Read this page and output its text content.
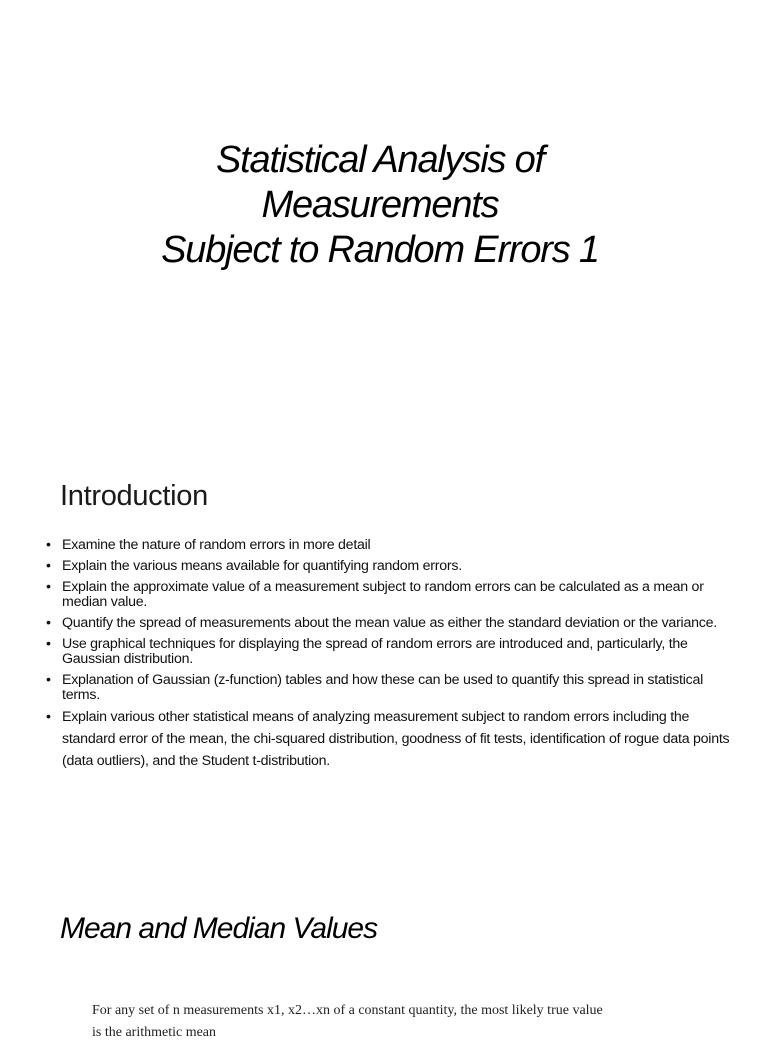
Statistical Analysis of
Measurements
Subject to Random Errors 1
Introduction
• Examine the nature of random errors in more detail
• Explain the various means available for quantifying random errors.
• Explain the approximate value of a measurement subject to random errors can be calculated as a mean or median value.
• Quantify the spread of measurements about the mean value as either the standard deviation or the variance.
• Use graphical techniques for displaying the spread of random errors are introduced and, particularly, the Gaussian distribution.
• Explanation of Gaussian (z-function) tables and how these can be used to quantify this spread in statistical terms.
• Explain various other statistical means of analyzing measurement subject to random errors including the standard error of the mean, the chi-squared distribution, goodness of fit tests, identification of rogue data points (data outliers), and the Student t-distribution.
Mean and Median Values
For any set of n measurements x1, x2…xn of a constant quantity, the most likely true value
is the arithmetic mean
